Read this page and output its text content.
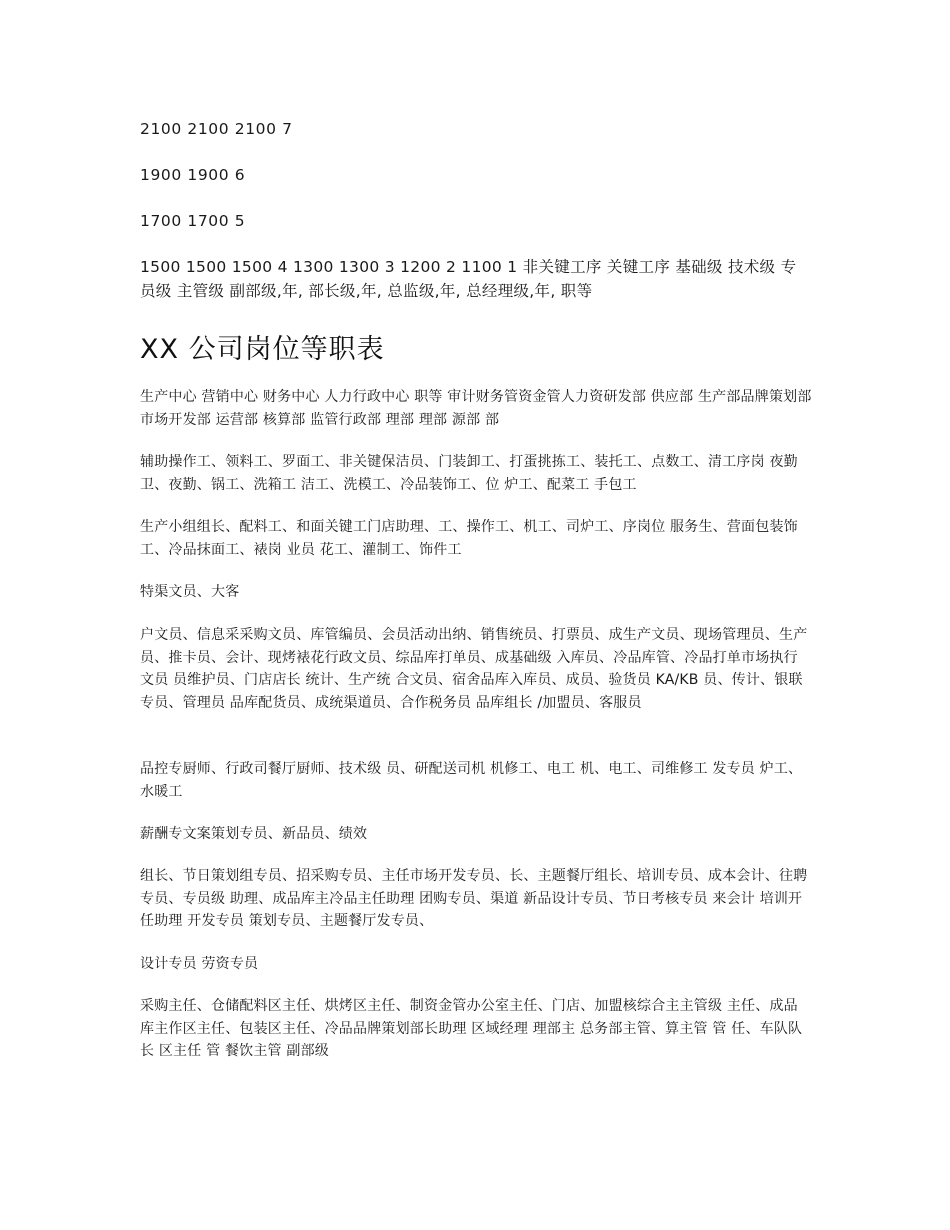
2100 2100 2100 7
1900 1900 6
1700 1700 5
1500 1500 1500 4 1300 1300 3 1200 2 1100 1 非关键工序 关键工序 基础级 技术级 专员级 主管级 副部级,年, 部长级,年, 总监级,年, 总经理级,年, 职等
XX 公司岗位等职表

生产中心 营销中心 财务中心 人力行政中心 职等 审计财务管资金管人力资研发部 供应部 生产部品牌策划部 市场开发部 运营部 核算部 监管行政部 理部 理部 源部 部

辅助操作工、领料工、罗面工、非关键保洁员、门装卸工、打蛋挑拣工、装托工、点数工、清工序岗 夜勤 卫、夜勤、锅工、洗箱工 洁工、洗模工、冷品装饰工、位 炉工、配菜工 手包工

生产小组组长、配料工、和面关键工门店助理、工、操作工、机工、司炉工、序岗位 服务生、营面包装饰工、冷品抹面工、裱岗 业员 花工、灌制工、饰件工

特渠文员、大客

户文员、信息采采购文员、库管编员、会员活动出纳、销售统员、打票员、成生产文员、现场管理员、生产员、推卡员、会计、现烤裱花行政文员、综品库打单员、成基础级 入库员、冷品库管、冷品打单市场执行文员 员维护员、门店店长 统计、生产统 合文员、宿舍品库入库员、成员、验货员 KA/KB 员、传计、银联专员、管理员 品库配货员、成统渠道员、合作税务员 品库组长 /加盟员、客服员

品控专厨师、行政司餐厅厨师、技术级 员、研配送司机 机修工、电工 机、电工、司维修工 发专员 炉工、水暖工

薪酬专文案策划专员、新品员、绩效

组长、节日策划组专员、招采购专员、主任市场开发专员、长、主题餐厅组长、培训专员、成本会计、往聘专员、专员级 助理、成品库主冷品主任助理 团购专员、渠道 新品设计专员、节日考核专员 来会计 培训开任助理 开发专员 策划专员、主题餐厅发专员、

设计专员 劳资专员

采购主任、仓储配料区主任、烘烤区主任、制资金管办公室主任、门店、加盟核综合主主管级 主任、成品库主作区主任、包装区主任、冷品品牌策划部长助理 区域经理 理部主 总务部主管、算主管 管 任、车队队长 区主任 管 餐饮主管 副部级
